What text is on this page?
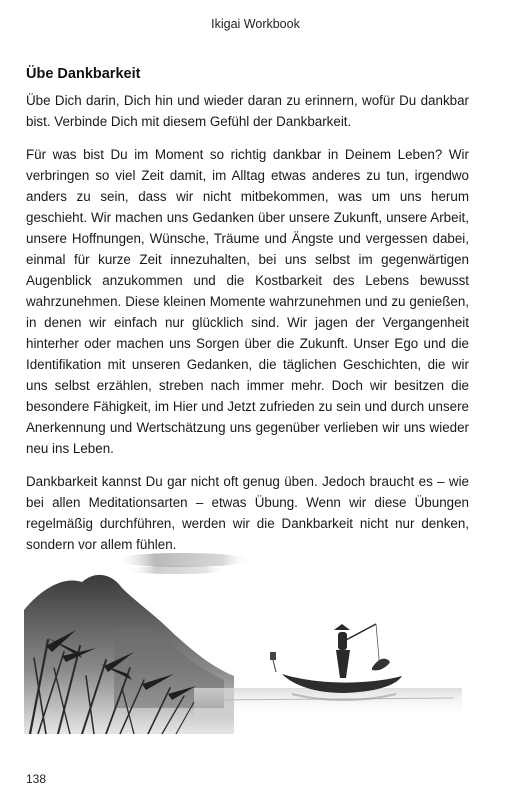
Ikigai Workbook
Übe Dankbarkeit

Übe Dich darin, Dich hin und wieder daran zu erinnern, wofür Du dankbar bist. Verbinde Dich mit diesem Gefühl der Dankbarkeit.

Für was bist Du im Moment so richtig dankbar in Deinem Leben? Wir verbringen so viel Zeit damit, im Alltag etwas anderes zu tun, irgendwo anders zu sein, dass wir nicht mitbekommen, was um uns herum geschieht. Wir machen uns Gedanken über unsere Zukunft, unsere Arbeit, unsere Hoffnungen, Wünsche, Träume und Ängste und vergessen dabei, einmal für kurze Zeit innezuhalten, bei uns selbst im gegenwärtigen Augenblick anzukommen und die Kostbarkeit des Lebens bewusst wahrzunehmen. Diese kleinen Momente wahrzunehmen und zu genießen, in denen wir einfach nur glücklich sind. Wir jagen der Vergangenheit hinterher oder machen uns Sorgen über die Zukunft. Unser Ego und die Identifikation mit unseren Gedanken, die täglichen Geschichten, die wir uns selbst erzählen, streben nach immer mehr. Doch wir besitzen die besondere Fähigkeit, im Hier und Jetzt zufrieden zu sein und durch unsere Anerkennung und Wertschätzung uns gegenüber verlieben wir uns wieder neu ins Leben.

Dankbarkeit kannst Du gar nicht oft genug üben. Jedoch braucht es – wie bei allen Meditationsarten – etwas Übung. Wenn wir diese Übungen regelmäßig durchführen, werden wir die Dankbarkeit nicht nur denken, sondern vor allem fühlen.

138
